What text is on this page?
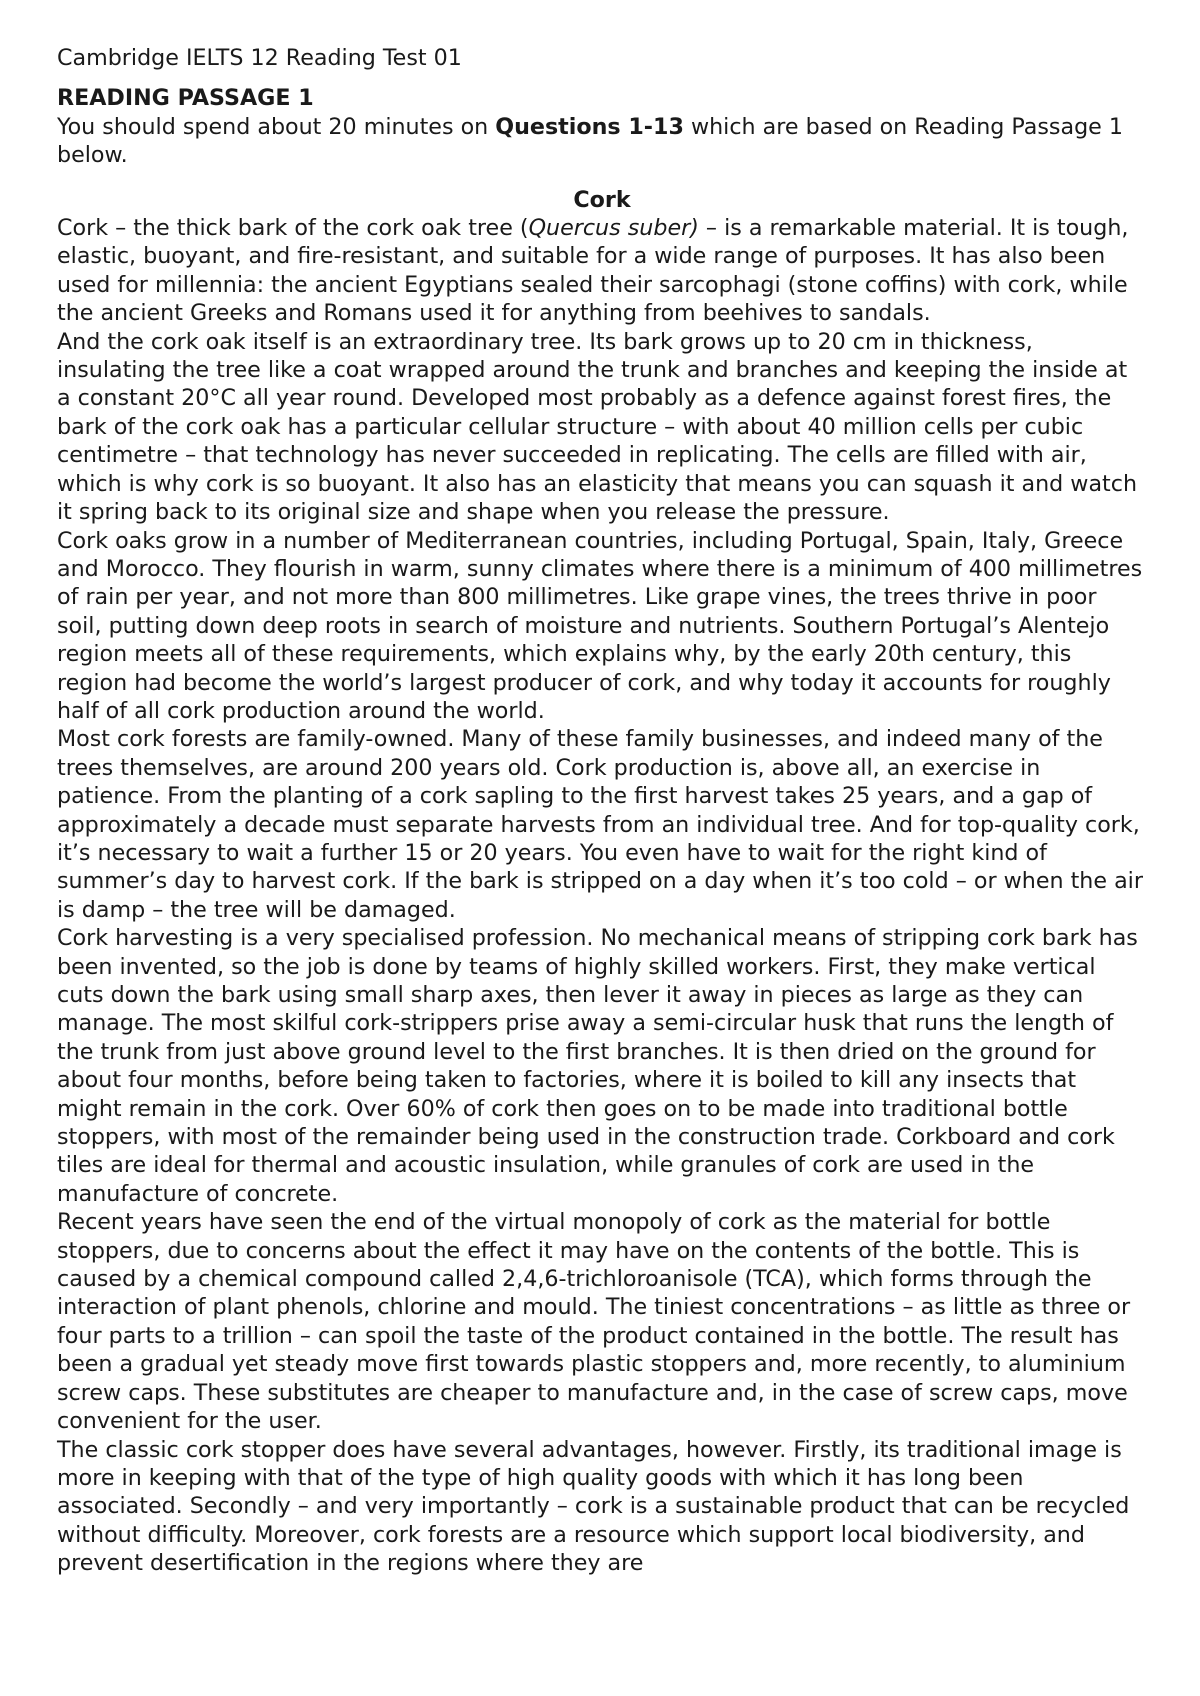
Cambridge IELTS 12 Reading Test 01
READING PASSAGE 1
You should spend about 20 minutes on Questions 1-13 which are based on Reading Passage 1 below.
Cork
Cork – the thick bark of the cork oak tree (Quercus suber) – is a remarkable material. It is tough, elastic, buoyant, and fire-resistant, and suitable for a wide range of purposes. It has also been used for millennia: the ancient Egyptians sealed their sarcophagi (stone coffins) with cork, while the ancient Greeks and Romans used it for anything from beehives to sandals.
And the cork oak itself is an extraordinary tree. Its bark grows up to 20 cm in thickness, insulating the tree like a coat wrapped around the trunk and branches and keeping the inside at a constant 20°C all year round. Developed most probably as a defence against forest fires, the bark of the cork oak has a particular cellular structure – with about 40 million cells per cubic centimetre – that technology has never succeeded in replicating. The cells are filled with air, which is why cork is so buoyant. It also has an elasticity that means you can squash it and watch it spring back to its original size and shape when you release the pressure.
Cork oaks grow in a number of Mediterranean countries, including Portugal, Spain, Italy, Greece and Morocco. They flourish in warm, sunny climates where there is a minimum of 400 millimetres of rain per year, and not more than 800 millimetres. Like grape vines, the trees thrive in poor soil, putting down deep roots in search of moisture and nutrients. Southern Portugal’s Alentejo region meets all of these requirements, which explains why, by the early 20th century, this region had become the world’s largest producer of cork, and why today it accounts for roughly half of all cork production around the world.
Most cork forests are family-owned. Many of these family businesses, and indeed many of the trees themselves, are around 200 years old. Cork production is, above all, an exercise in patience. From the planting of a cork sapling to the first harvest takes 25 years, and a gap of approximately a decade must separate harvests from an individual tree. And for top-quality cork, it’s necessary to wait a further 15 or 20 years. You even have to wait for the right kind of summer’s day to harvest cork. If the bark is stripped on a day when it’s too cold – or when the air is damp – the tree will be damaged.
Cork harvesting is a very specialised profession. No mechanical means of stripping cork bark has been invented, so the job is done by teams of highly skilled workers. First, they make vertical cuts down the bark using small sharp axes, then lever it away in pieces as large as they can manage. The most skilful cork-strippers prise away a semi-circular husk that runs the length of the trunk from just above ground level to the first branches. It is then dried on the ground for about four months, before being taken to factories, where it is boiled to kill any insects that might remain in the cork. Over 60% of cork then goes on to be made into traditional bottle stoppers, with most of the remainder being used in the construction trade. Corkboard and cork tiles are ideal for thermal and acoustic insulation, while granules of cork are used in the manufacture of concrete.
Recent years have seen the end of the virtual monopoly of cork as the material for bottle stoppers, due to concerns about the effect it may have on the contents of the bottle. This is caused by a chemical compound called 2,4,6-trichloroanisole (TCA), which forms through the interaction of plant phenols, chlorine and mould. The tiniest concentrations – as little as three or four parts to a trillion – can spoil the taste of the product contained in the bottle. The result has been a gradual yet steady move first towards plastic stoppers and, more recently, to aluminium screw caps. These substitutes are cheaper to manufacture and, in the case of screw caps, move convenient for the user.
The classic cork stopper does have several advantages, however. Firstly, its traditional image is more in keeping with that of the type of high quality goods with which it has long been associated. Secondly – and very importantly – cork is a sustainable product that can be recycled without difficulty. Moreover, cork forests are a resource which support local biodiversity, and prevent desertification in the regions where they are
